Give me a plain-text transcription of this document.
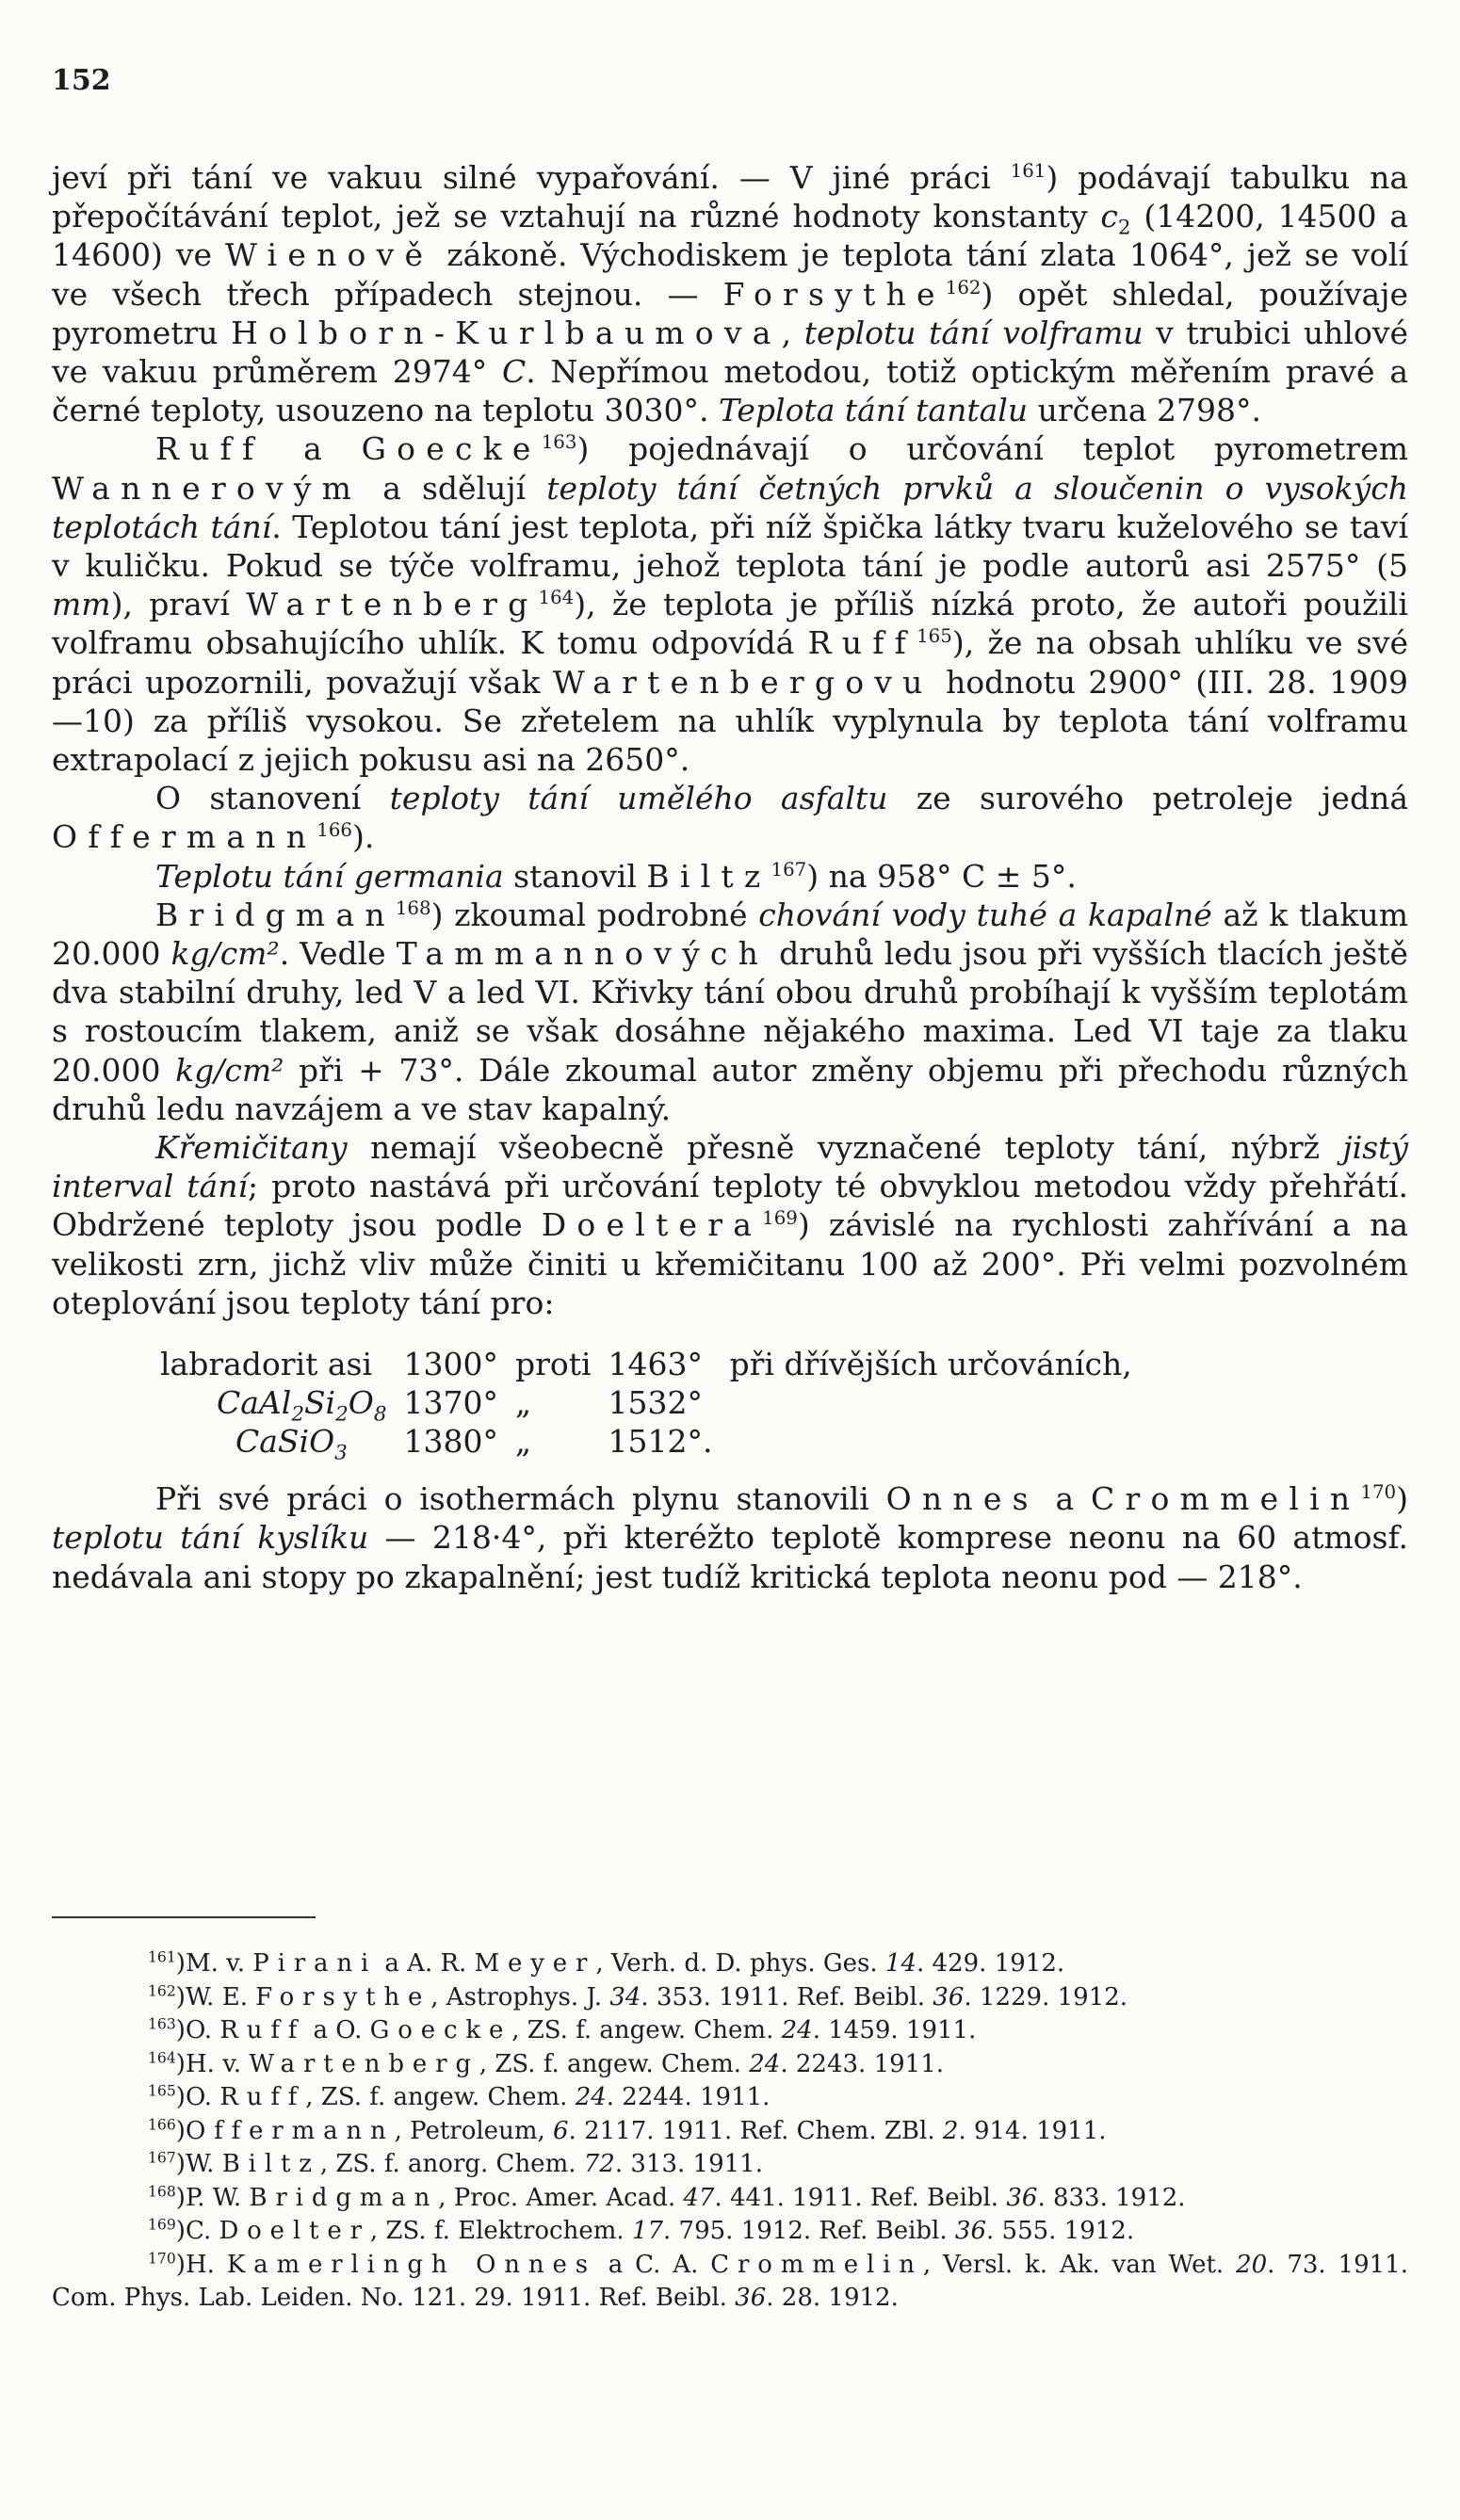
152

jeví při tání ve vakuu silné vypařování. — V jiné práci $^{161}$) podávají tabulku na přepočítávání teplot, jež se vztahují na různé hodnoty konstanty $c_2$ (14200, 14500 a 14600) ve Wienově zákoně. Východiskem je teplota tání zlata 1064°, jež se volí ve všech třech případech stejnou. — Forsythe$^{162}$) opět shledal, používaje pyrometru Holborn-Kurlbaumova, teplotu tání volframu v trubici uhlové ve vakuu průměrem 2974° C. Nepřímou metodou, totiž optickým měřením pravé a černé teploty, usouzeno na teplotu 3030°. Teplota tání tantalu určena 2798°.

Ruff a Goecke$^{163}$) pojednávají o určování teplot pyrometrem Wannerovým a sdělují teploty tání četných prvků a sloučenin o vysokých teplotách tání. Teplotou tání jest teplota, při níž špička látky tvaru kuželového se taví v kuličku. Pokud se týče volframu, jehož teplota tání je podle autorů asi 2575° (5 mm), praví Wartenberg$^{164}$), že teplota je příliš nízká proto, že autoři použili volframu obsahujícího uhlík. K tomu odpovídá Ruff$^{165}$), že na obsah uhlíku ve své práci upozornili, považují však Wartenbergovu hodnotu 2900° (III. 28. 1909—10) za příliš vysokou. Se zřetelem na uhlík vyplynula by teplota tání volframu extrapolací z jejich pokusu asi na 2650°.

O stanovení teploty tání umělého asfaltu ze surového petroleje jedná Offermann$^{166}$).

Teplotu tání germania stanovil Biltz$^{167}$) na 958° C ± 5°.

Bridgman$^{168}$) zkoumal podrobné chování vody tuhé a kapalné až k tlakum 20.000 kg/cm². Vedle Tammannových druhů ledu jsou při vyšších tlacích ještě dva stabilní druhy, led V a led VI. Křivky tání obou druhů probíhají k vyšším teplotám s rostoucím tlakem, aniž se však dosáhne nějakého maxima. Led VI taje za tlaku 20.000 kg/cm² při + 73°. Dále zkoumal autor změny objemu při přechodu různých druhů ledu navzájem a ve stav kapalný.

Křemičitany nemají všeobecně přesně vyznačené teploty tání, nýbrž jistý interval tání; proto nastává při určování teploty té obvyklou metodou vždy přehřátí. Obdržené teploty jsou podle Doeltera$^{169}$) závislé na rychlosti zahřívání a na velikosti zrn, jichž vliv může činiti u křemičitanu 100 až 200°. Při velmi pozvolném oteplování jsou teploty tání pro:

labradorit asi	1300°	proti	1463°	při dřívějších určováních,
$CaAl_2Si_2O_8$	1370°	„	1532°	
CaSiO$_3$	1380°	„	1512°.	

Při své práci o isothermách plynu stanovili Onnes a Crommelin$^{170}$) teplotu tání kyslíku — 218·4°, při kteréžto teplotě komprese neonu na 60 atmosf. nedávala ani stopy po zkapalnění; jest tudíž kritická teplota neonu pod — 218°.

$^{161}$)M. v. Pirani a A. R. Meyer, Verh. d. D. phys. Ges. 14. 429. 1912.

$^{162}$)W. E. Forsythe, Astrophys. J. 34. 353. 1911. Ref. Beibl. 36. 1229. 1912.

$^{163}$)O. Ruff a O. Goecke, ZS. f. angew. Chem. 24. 1459. 1911.

$^{164}$)H. v. Wartenberg, ZS. f. angew. Chem. 24. 2243. 1911.

$^{165}$)O. Ruff, ZS. f. angew. Chem. 24. 2244. 1911.

$^{166}$)Offermann, Petroleum, 6. 2117. 1911. Ref. Chem. ZBl. 2. 914. 1911.

$^{167}$)W. Biltz, ZS. f. anorg. Chem. 72. 313. 1911.

$^{168}$)P. W. Bridgman, Proc. Amer. Acad. 47. 441. 1911. Ref. Beibl. 36. 833. 1912.

$^{169}$)C. Doelter, ZS. f. Elektrochem. 17. 795. 1912. Ref. Beibl. 36. 555. 1912.

$^{170}$)H. Kamerlingh Onnes a C. A. Crommelin, Versl. k. Ak. van Wet. 20. 73. 1911. Com. Phys. Lab. Leiden. No. 121. 29. 1911. Ref. Beibl. 36. 28. 1912.
